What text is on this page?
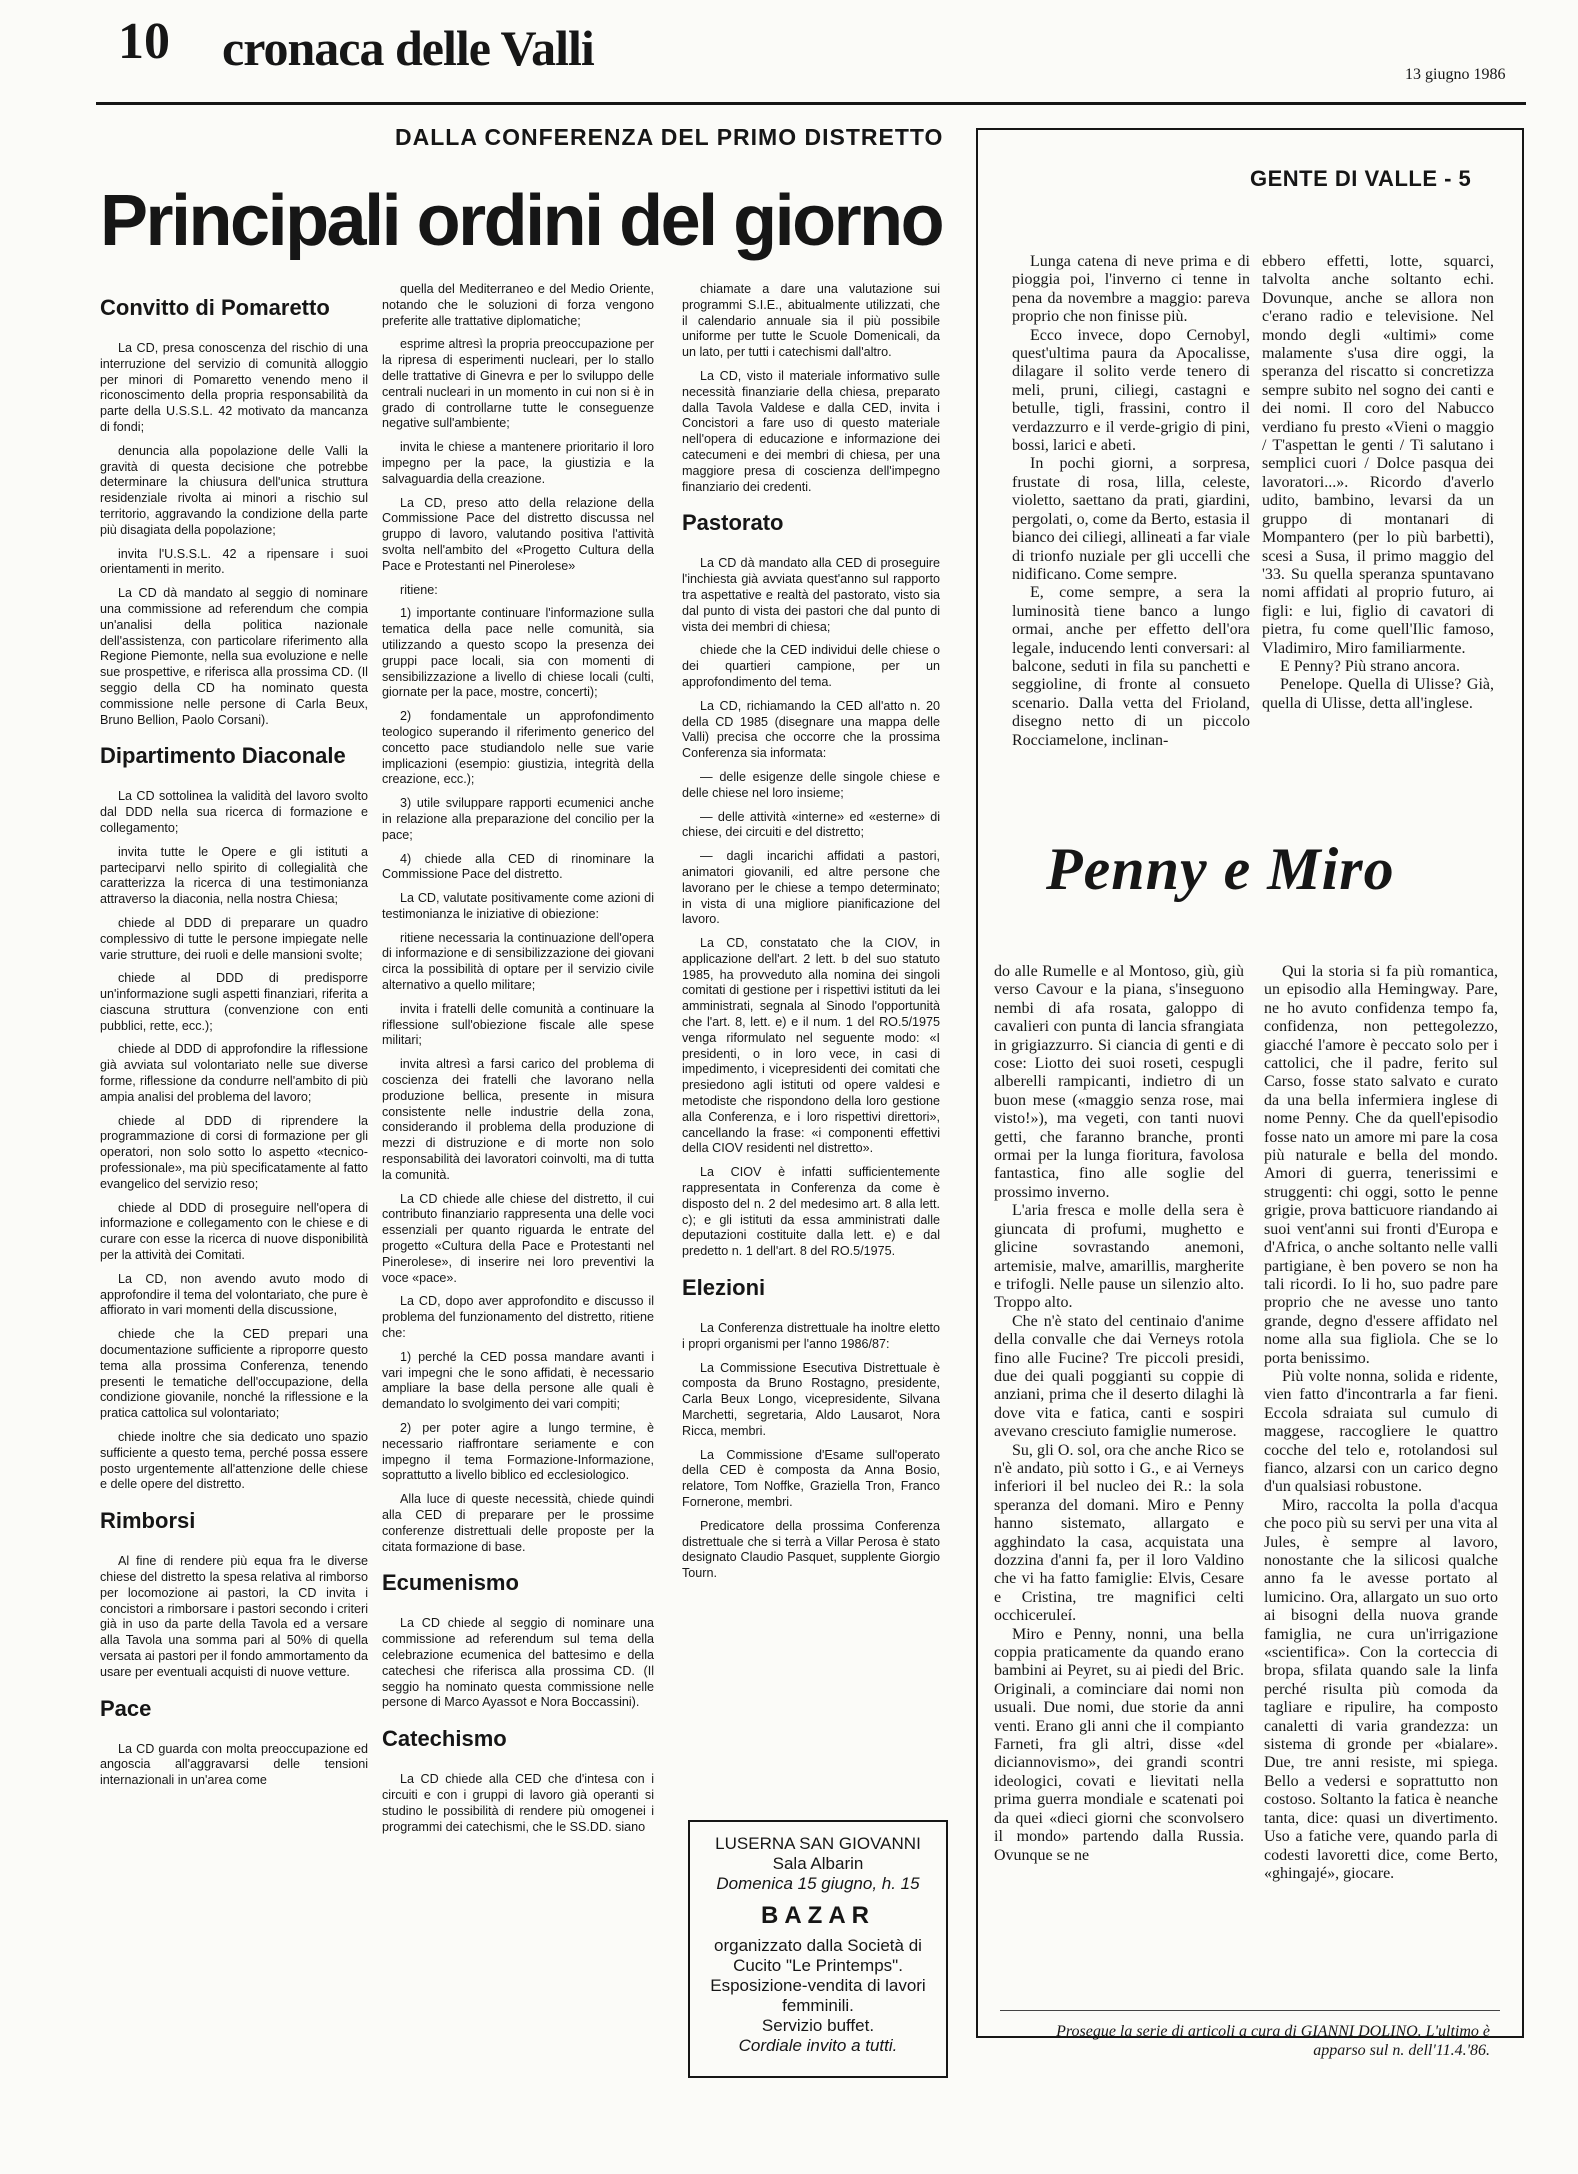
10 cronaca delle Valli	13 giugno 1986
DALLA CONFERENZA DEL PRIMO DISTRETTO
Principali ordini del giorno
Convitto di Pomaretto

La CD, presa conoscenza del rischio di una interruzione del servizio di comunità alloggio per minori di Pomaretto venendo meno il riconoscimento della propria responsabilità da parte della U.S.S.L. 42 motivato da mancanza di fondi;

denuncia alla popolazione delle Valli la gravità di questa decisione che potrebbe determinare la chiusura dell'unica struttura residenziale rivolta ai minori a rischio sul territorio, aggravando la condizione della parte più disagiata della popolazione;

invita l'U.S.S.L. 42 a ripensare i suoi orientamenti in merito.

La CD dà mandato al seggio di nominare una commissione ad referendum che compia un'analisi della politica nazionale dell'assistenza, con particolare riferimento alla Regione Piemonte, nella sua evoluzione e nelle sue prospettive, e riferisca alla prossima CD. (Il seggio della CD ha nominato questa commissione nelle persone di Carla Beux, Bruno Bellion, Paolo Corsani).

Dipartimento Diaconale

La CD sottolinea la validità del lavoro svolto dal DDD nella sua ricerca di formazione e collegamento;

invita tutte le Opere e gli istituti a parteciparvi nello spirito di collegialità che caratterizza la ricerca di una testimonianza attraverso la diaconia, nella nostra Chiesa;

chiede al DDD di preparare un quadro complessivo di tutte le persone impiegate nelle varie strutture, dei ruoli e delle mansioni svolte;

chiede al DDD di predisporre un'informazione sugli aspetti finanziari, riferita a ciascuna struttura (convenzione con enti pubblici, rette, ecc.);

chiede al DDD di approfondire la riflessione già avviata sul volontariato nelle sue diverse forme, riflessione da condurre nell'ambito di più ampia analisi del problema del lavoro;

chiede al DDD di riprendere la programmazione di corsi di formazione per gli operatori, non solo sotto lo aspetto «tecnico-professionale», ma più specificatamente al fatto evangelico del servizio reso;

chiede al DDD di proseguire nell'opera di informazione e collegamento con le chiese e di curare con esse la ricerca di nuove disponibilità per la attività dei Comitati.

La CD, non avendo avuto modo di approfondire il tema del volontariato, che pure è affiorato in vari momenti della discussione,

chiede che la CED prepari una documentazione sufficiente a riproporre questo tema alla prossima Conferenza, tenendo presenti le tematiche dell'occupazione, della condizione giovanile, nonché la riflessione e la pratica cattolica sul volontariato;

chiede inoltre che sia dedicato uno spazio sufficiente a questo tema, perché possa essere posto urgentemente all'attenzione delle chiese e delle opere del distretto.

Rimborsi

Al fine di rendere più equa fra le diverse chiese del distretto la spesa relativa al rimborso per locomozione ai pastori, la CD invita i concistori a rimborsare i pastori secondo i criteri già in uso da parte della Tavola ed a versare alla Tavola una somma pari al 50% di quella versata ai pastori per il fondo ammortamento da usare per eventuali acquisti di nuove vetture.

Pace

La CD guarda con molta preoccupazione ed angoscia all'aggravarsi delle tensioni internazionali in un'area come

quella del Mediterraneo e del Medio Oriente, notando che le soluzioni di forza vengono preferite alle trattative diplomatiche;

esprime altresì la propria preoccupazione per la ripresa di esperimenti nucleari, per lo stallo delle trattative di Ginevra e per lo sviluppo delle centrali nucleari in un momento in cui non si è in grado di controllarne tutte le conseguenze negative sull'ambiente;

invita le chiese a mantenere prioritario il loro impegno per la pace, la giustizia e la salvaguardia della creazione.

La CD, preso atto della relazione della Commissione Pace del distretto discussa nel gruppo di lavoro, valutando positiva l'attività svolta nell'ambito del «Progetto Cultura della Pace e Protestanti nel Pinerolese»

ritiene:

1) importante continuare l'informazione sulla tematica della pace nelle comunità, sia utilizzando a questo scopo la presenza dei gruppi pace locali, sia con momenti di sensibilizzazione a livello di chiese locali (culti, giornate per la pace, mostre, concerti);

2) fondamentale un approfondimento teologico superando il riferimento generico del concetto pace studiandolo nelle sue varie implicazioni (esempio: giustizia, integrità della creazione, ecc.);

3) utile sviluppare rapporti ecumenici anche in relazione alla preparazione del concilio per la pace;

4) chiede alla CED di rinominare la Commissione Pace del distretto.

La CD, valutate positivamente come azioni di testimonianza le iniziative di obiezione:

ritiene necessaria la continuazione dell'opera di informazione e di sensibilizzazione dei giovani circa la possibilità di optare per il servizio civile alternativo a quello militare;

invita i fratelli delle comunità a continuare la riflessione sull'obiezione fiscale alle spese militari;

invita altresì a farsi carico del problema di coscienza dei fratelli che lavorano nella produzione bellica, presente in misura consistente nelle industrie della zona, considerando il problema della produzione di mezzi di distruzione e di morte non solo responsabilità dei lavoratori coinvolti, ma di tutta la comunità.

La CD chiede alle chiese del distretto, il cui contributo finanziario rappresenta una delle voci essenziali per quanto riguarda le entrate del progetto «Cultura della Pace e Protestanti nel Pinerolese», di inserire nei loro preventivi la voce «pace».

La CD, dopo aver approfondito e discusso il problema del funzionamento del distretto, ritiene che:

1) perché la CED possa mandare avanti i vari impegni che le sono affidati, è necessario ampliare la base della persone alle quali è demandato lo svolgimento dei vari compiti;

2) per poter agire a lungo termine, è necessario riaffrontare seriamente e con impegno il tema Formazione-Informazione, soprattutto a livello biblico ed ecclesiologico.

Alla luce di queste necessità, chiede quindi alla CED di preparare per le prossime conferenze distrettuali delle proposte per la citata formazione di base.

Ecumenismo

La CD chiede al seggio di nominare una commissione ad referendum sul tema della celebrazione ecumenica del battesimo e della catechesi che riferisca alla prossima CD. (Il seggio ha nominato questa commissione nelle persone di Marco Ayassot e Nora Boccassini).

Catechismo

La CD chiede alla CED che d'intesa con i circuiti e con i gruppi di lavoro già operanti si studino le possibilità di rendere più omogenei i programmi dei catechismi, che le SS.DD. siano

chiamate a dare una valutazione sui programmi S.I.E., abitualmente utilizzati, che il calendario annuale sia il più possibile uniforme per tutte le Scuole Domenicali, da un lato, per tutti i catechismi dall'altro.

La CD, visto il materiale informativo sulle necessità finanziarie della chiesa, preparato dalla Tavola Valdese e dalla CED, invita i Concistori a fare uso di questo materiale nell'opera di educazione e informazione dei catecumeni e dei membri di chiesa, per una maggiore presa di coscienza dell'impegno finanziario dei credenti.

Pastorato

La CD dà mandato alla CED di proseguire l'inchiesta già avviata quest'anno sul rapporto tra aspettative e realtà del pastorato, visto sia dal punto di vista dei pastori che dal punto di vista dei membri di chiesa;

chiede che la CED individui delle chiese o dei quartieri campione, per un approfondimento del tema.

La CD, richiamando la CED all'atto n. 20 della CD 1985 (disegnare una mappa delle Valli) precisa che occorre che la prossima Conferenza sia informata:

— delle esigenze delle singole chiese e delle chiese nel loro insieme;

— delle attività «interne» ed «esterne» di chiese, dei circuiti e del distretto;

— dagli incarichi affidati a pastori, animatori giovanili, ed altre persone che lavorano per le chiese a tempo determinato; in vista di una migliore pianificazione del lavoro.

La CD, constatato che la CIOV, in applicazione dell'art. 2 lett. b del suo statuto 1985, ha provveduto alla nomina dei singoli comitati di gestione per i rispettivi istituti da lei amministrati, segnala al Sinodo l'opportunità che l'art. 8, lett. e) e il num. 1 del RO.5/1975 venga riformulato nel seguente modo: «I presidenti, o in loro vece, in casi di impedimento, i vicepresidenti dei comitati che presiedono agli istituti od opere valdesi e metodiste che rispondono della loro gestione alla Conferenza, e i loro rispettivi direttori», cancellando la frase: «i componenti effettivi della CIOV residenti nel distretto».

La CIOV è infatti sufficientemente rappresentata in Conferenza da come è disposto del n. 2 del medesimo art. 8 alla lett. c); e gli istituti da essa amministrati dalle deputazioni costituite dalla lett. e) e dal predetto n. 1 dell'art. 8 del RO.5/1975.

Elezioni

La Conferenza distrettuale ha inoltre eletto i propri organismi per l'anno 1986/87:

La Commissione Esecutiva Distrettuale è composta da Bruno Rostagno, presidente, Carla Beux Longo, vicepresidente, Silvana Marchetti, segretaria, Aldo Lausarot, Nora Ricca, membri.

La Commissione d'Esame sull'operato della CED è composta da Anna Bosio, relatore, Tom Noffke, Graziella Tron, Franco Fornerone, membri.

Predicatore della prossima Conferenza distrettuale che si terrà a Villar Perosa è stato designato Claudio Pasquet, supplente Giorgio Tourn.

LUSERNA SAN GIOVANNI
Sala Albarin
Domenica 15 giugno, h. 15
BAZAR
organizzato dalla Società di Cucito "Le Printemps". Esposizione-vendita di lavori femminili.
Servizio buffet.
Cordiale invito a tutti.
GENTE DI VALLE - 5

Lunga catena di neve prima e di pioggia poi, l'inverno ci tenne in pena da novembre a maggio: pareva proprio che non finisse più.

Ecco invece, dopo Cernobyl, quest'ultima paura da Apocalisse, dilagare il solito verde tenero di meli, pruni, ciliegi, castagni e betulle, tigli, frassini, contro il verdazzurro e il verde-grigio di pini, bossi, larici e abeti.

In pochi giorni, a sorpresa, frustate di rosa, lilla, celeste, violetto, saettano da prati, giardini, pergolati, o, come da Berto, estasia il bianco dei ciliegi, allineati a far viale di trionfo nuziale per gli uccelli che nidificano. Come sempre.

E, come sempre, a sera la luminosità tiene banco a lungo ormai, anche per effetto dell'ora legale, inducendo lenti conversari: al balcone, seduti in fila su panchetti e seggioline, di fronte al consueto scenario. Dalla vetta del Frioland, disegno netto di un piccolo Rocciamelone, inclinan-

ebbero effetti, lotte, squarci, talvolta anche soltanto echi. Dovunque, anche se allora non c'erano radio e televisione. Nel mondo degli «ultimi» come malamente s'usa dire oggi, la speranza del riscatto si concretizza sempre subito nel sogno dei canti e dei nomi. Il coro del Nabucco verdiano fu presto «Vieni o maggio / T'aspettan le genti / Ti salutano i semplici cuori / Dolce pasqua dei lavoratori...». Ricordo d'averlo udito, bambino, levarsi da un gruppo di montanari di Mompantero (per lo più barbetti), scesi a Susa, il primo maggio del '33. Su quella speranza spuntavano nomi affidati al proprio futuro, ai figli: e lui, figlio di cavatori di pietra, fu come quell'Ilic famoso, Vladimiro, Miro familiarmente.

E Penny? Più strano ancora.

Penelope. Quella di Ulisse? Già, quella di Ulisse, detta all'inglese.

Penny e Miro

do alle Rumelle e al Montoso, giù, giù verso Cavour e la piana, s'inseguono nembi di afa rosata, galoppo di cavalieri con punta di lancia sfrangiata in grigiazzurro. Si ciancia di genti e di cose: Liotto dei suoi roseti, cespugli alberelli rampicanti, indietro di un buon mese («maggio senza rose, mai visto!»), ma vegeti, con tanti nuovi getti, che faranno branche, pronti ormai per la lunga fioritura, favolosa fantastica, fino alle soglie del prossimo inverno.

L'aria fresca e molle della sera è giuncata di profumi, mughetto e glicine sovrastando anemoni, artemisie, malve, amarillis, margherite e trifogli. Nelle pause un silenzio alto. Troppo alto.

Che n'è stato del centinaio d'anime della convalle che dai Verneys rotola fino alle Fucine? Tre piccoli presidi, due dei quali poggianti su coppie di anziani, prima che il deserto dilaghi là dove vita e fatica, canti e sospiri avevano cresciuto famiglie numerose.

Su, gli O. sol, ora che anche Rico se n'è andato, più sotto i G., e ai Verneys inferiori il bel nucleo dei R.: la sola speranza del domani. Miro e Penny hanno sistemato, allargato e agghindato la casa, acquistata una dozzina d'anni fa, per il loro Valdino che vi ha fatto famiglie: Elvis, Cesare e Cristina, tre magnifici celti occhiceruleí.

Miro e Penny, nonni, una bella coppia praticamente da quando erano bambini ai Peyret, su ai piedi del Bric. Originali, a cominciare dai nomi non usuali. Due nomi, due storie da anni venti. Erano gli anni che il compianto Farneti, fra gli altri, disse «del diciannovismo», dei grandi scontri ideologici, covati e lievitati nella prima guerra mondiale e scatenati poi da quei «dieci giorni che sconvolsero il mondo» partendo dalla Russia. Ovunque se ne

Qui la storia si fa più romantica, un episodio alla Hemingway. Pare, ne ho avuto confidenza tempo fa, confidenza, non pettegolezzo, giacché l'amore è peccato solo per i cattolici, che il padre, ferito sul Carso, fosse stato salvato e curato da una bella infermiera inglese di nome Penny. Che da quell'episodio fosse nato un amore mi pare la cosa più naturale e bella del mondo. Amori di guerra, tenerissimi e struggenti: chi oggi, sotto le penne grigie, prova batticuore riandando ai suoi vent'anni sui fronti d'Europa e d'Africa, o anche soltanto nelle valli partigiane, è ben povero se non ha tali ricordi. Io li ho, suo padre pare proprio che ne avesse uno tanto grande, degno d'essere affidato nel nome alla sua figliola. Che se lo porta benissimo.

Più volte nonna, solida e ridente, vien fatto d'incontrarla a far fieni. Eccola sdraiata sul cumulo di maggese, raccogliere le quattro cocche del telo e, rotolandosi sul fianco, alzarsi con un carico degno d'un qualsiasi robustone.

Miro, raccolta la polla d'acqua che poco più su servi per una vita al Jules, è sempre al lavoro, nonostante che la silicosi qualche anno fa le avesse portato al lumicino. Ora, allargato un suo orto ai bisogni della nuova grande famiglia, ne cura un'irrigazione «scientifica». Con la corteccia di bropa, sfilata quando sale la linfa perché risulta più comoda da tagliare e ripulire, ha composto canaletti di varia grandezza: un sistema di gronde per «bialare». Due, tre anni resiste, mi spiega. Bello a vedersi e soprattutto non costoso. Soltanto la fatica è neanche tanta, dice: quasi un divertimento. Uso a fatiche vere, quando parla di codesti lavoretti dice, come Berto, «ghingajé», giocare.

Prosegue la serie di articoli a cura di GIANNI DOLINO. L'ultimo è apparso sul n. dell'11.4.'86.
